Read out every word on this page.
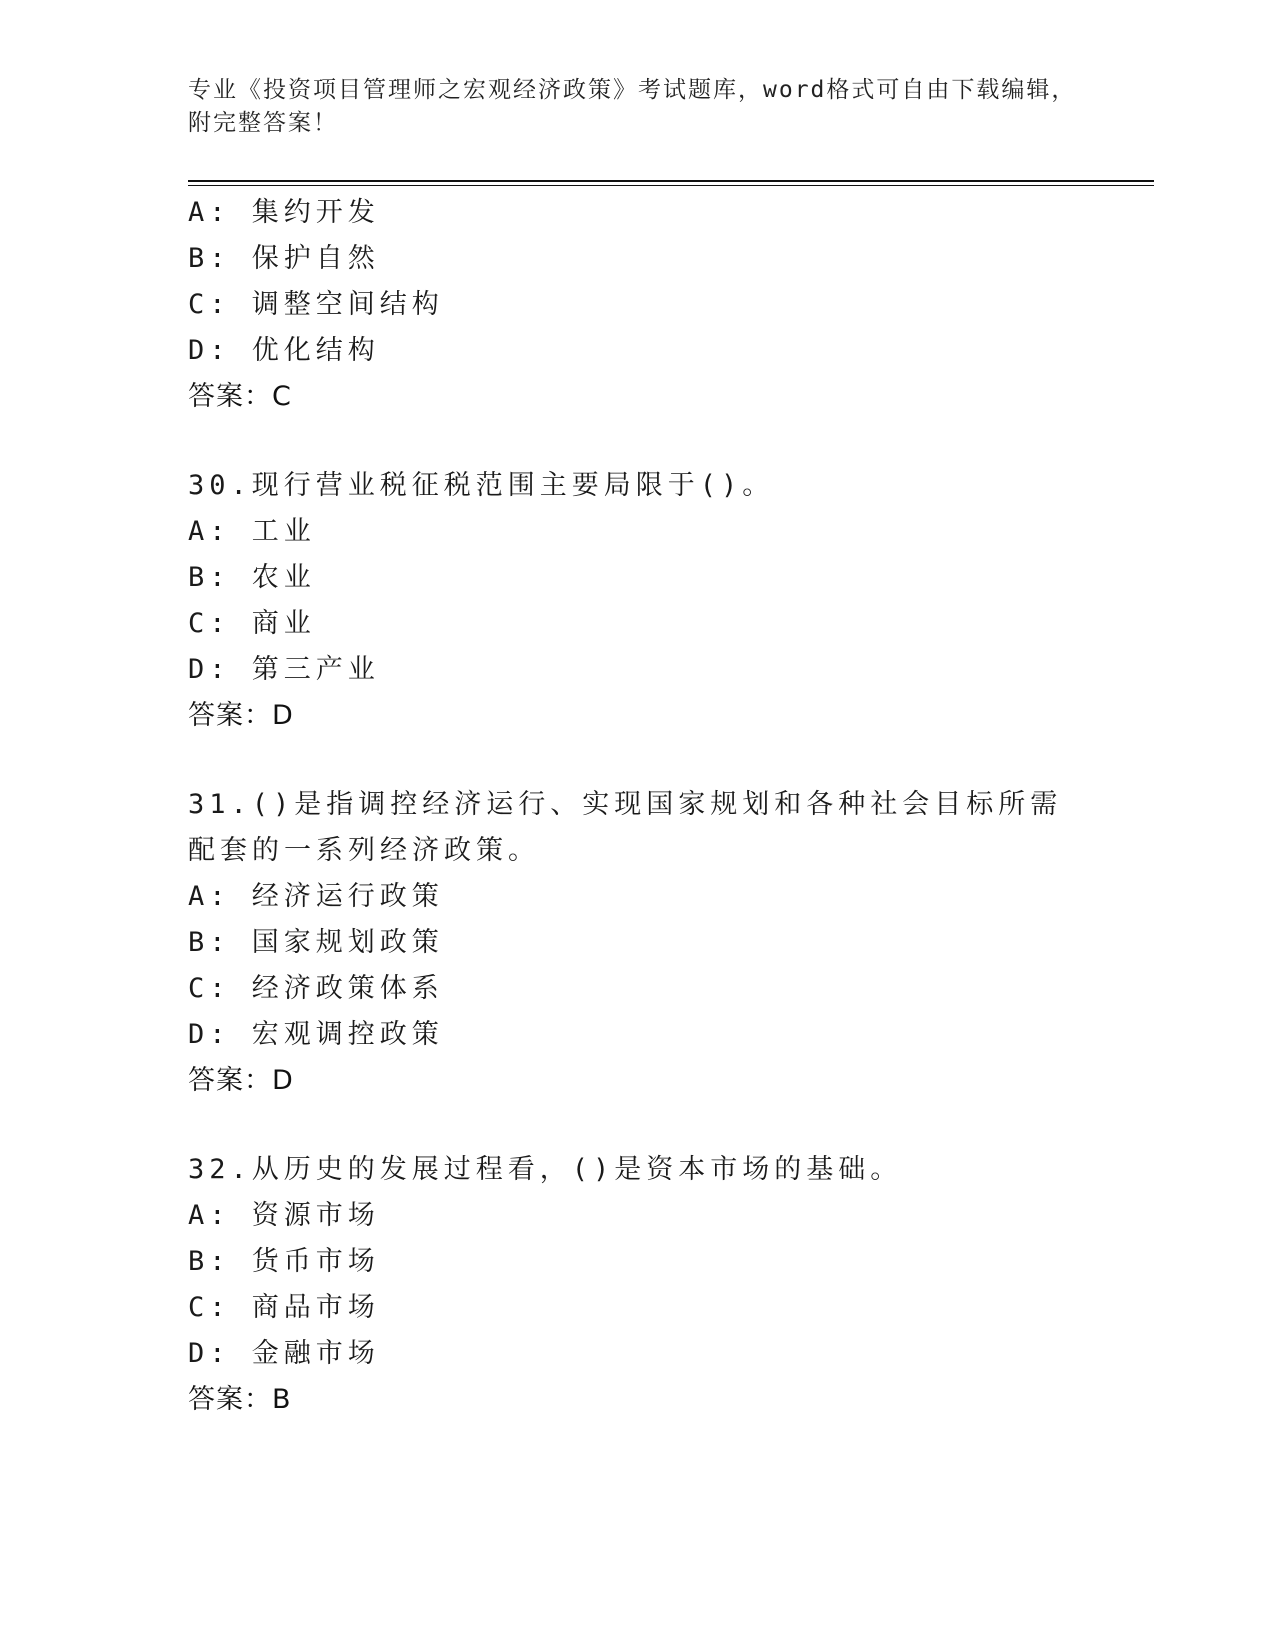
专业《投资项目管理师之宏观经济政策》考试题库，word格式可自由下载编辑，附完整答案！
A: 集约开发
B: 保护自然
C: 调整空间结构
D: 优化结构
答案：C
30.现行营业税征税范围主要局限于()。
A: 工业
B: 农业
C: 商业
D: 第三产业
答案：D
31.()是指调控经济运行、实现国家规划和各种社会目标所需配套的一系列经济政策。
A: 经济运行政策
B: 国家规划政策
C: 经济政策体系
D: 宏观调控政策
答案：D
32.从历史的发展过程看，()是资本市场的基础。
A: 资源市场
B: 货币市场
C: 商品市场
D: 金融市场
答案：B
